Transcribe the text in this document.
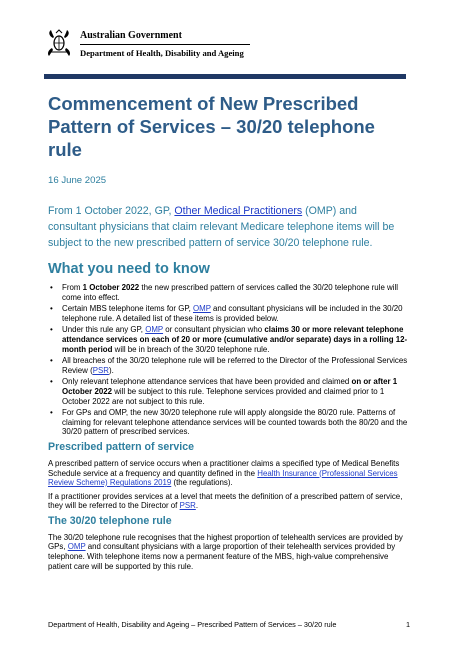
Australian Government
Department of Health, Disability and Ageing
Commencement of New Prescribed Pattern of Services – 30/20 telephone rule
16 June 2025

From 1 October 2022, GP, Other Medical Practitioners (OMP) and consultant physicians that claim relevant Medicare telephone items will be subject to the new prescribed pattern of service 30/20 telephone rule.

What you need to know
• From 1 October 2022 the new prescribed pattern of services called the 30/20 telephone rule will come into effect.
• Certain MBS telephone items for GP, OMP and consultant physicians will be included in the 30/20 telephone rule. A detailed list of these items is provided below.
• Under this rule any GP, OMP or consultant physician who claims 30 or more relevant telephone attendance services on each of 20 or more (cumulative and/or separate) days in a rolling 12-month period will be in breach of the 30/20 telephone rule.
• All breaches of the 30/20 telephone rule will be referred to the Director of the Professional Services Review (PSR).
• Only relevant telephone attendance services that have been provided and claimed on or after 1 October 2022 will be subject to this rule. Telephone services provided and claimed prior to 1 October 2022 are not subject to this rule.
• For GPs and OMP, the new 30/20 telephone rule will apply alongside the 80/20 rule. Patterns of claiming for relevant telephone attendance services will be counted towards both the 80/20 and the 30/20 pattern of prescribed services.
Prescribed pattern of service

A prescribed pattern of service occurs when a practitioner claims a specified type of Medical Benefits Schedule service at a frequency and quantity defined in the Health Insurance (Professional Services Review Scheme) Regulations 2019 (the regulations).

If a practitioner provides services at a level that meets the definition of a prescribed pattern of service, they will be referred to the Director of PSR.

The 30/20 telephone rule

The 30/20 telephone rule recognises that the highest proportion of telehealth services are provided by GPs, OMP and consultant physicians with a large proportion of their telehealth services provided by telephone. With telephone items now a permanent feature of the MBS, high-value comprehensive patient care will be supported by this rule.

Department of Health, Disability and Ageing – Prescribed Pattern of Services – 30/20 rule	1
